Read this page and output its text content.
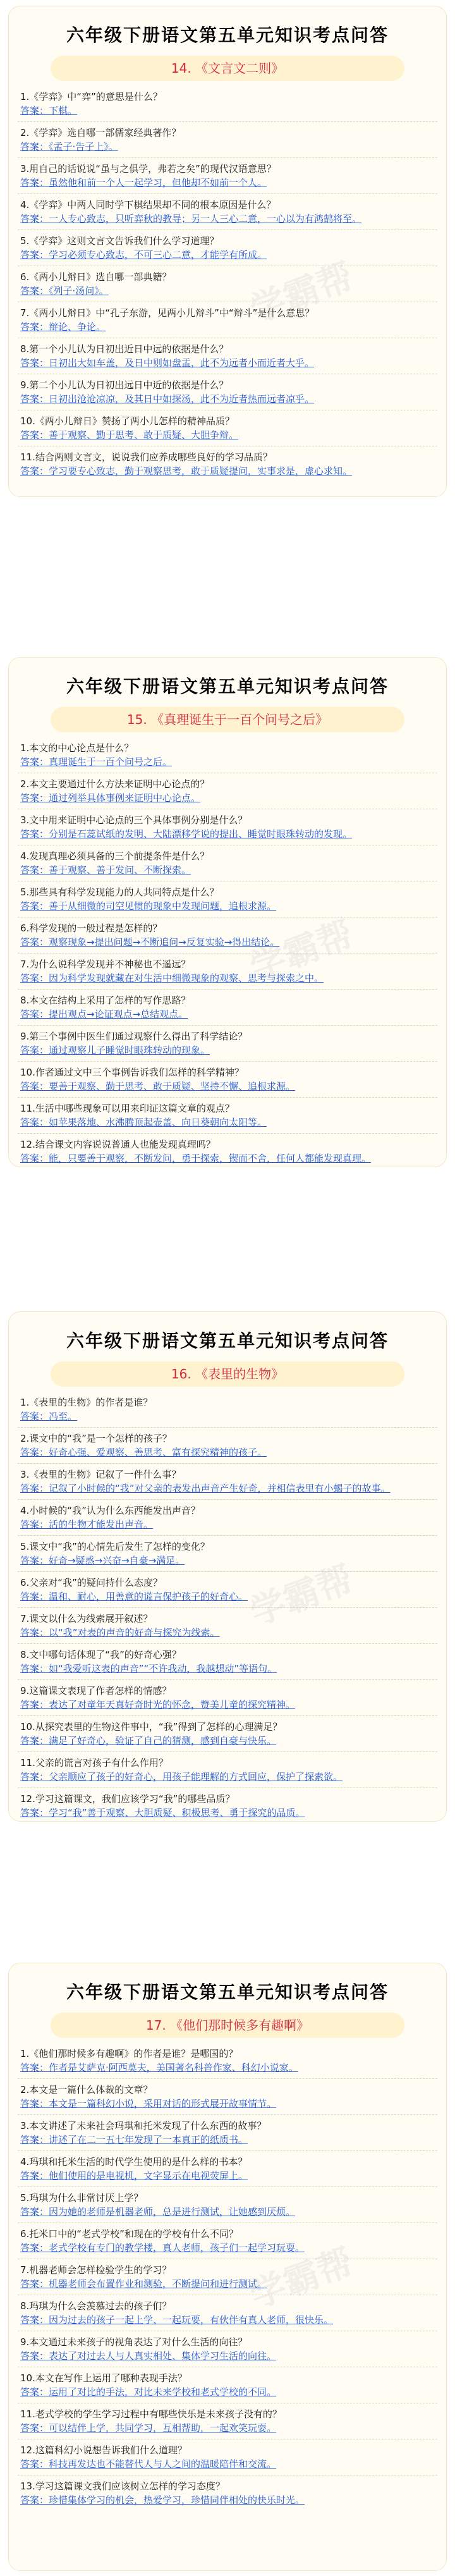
六年级下册语文第五单元知识考点问答
14. 《文言文二则》
1.《学弈》中“弈”的意思是什么？
答案：下棋。
2.《学弈》选自哪一部儒家经典著作？
答案：《孟子·告子上》。
3.用自己的话说说“虽与之俱学，弗若之矣”的现代汉语意思？
答案：虽然他和前一个人一起学习，但他却不如前一个人。
4.《学弈》中两人同时学下棋结果却不同的根本原因是什么？
答案：一人专心致志，只听弈秋的教导；另一人三心二意，一心以为有鸿鹄将至。
5.《学弈》这则文言文告诉我们什么学习道理？
答案：学习必须专心致志，不可三心二意，才能学有所成。
6.《两小儿辩日》选自哪一部典籍？
答案：《列子·汤问》。
7.《两小儿辩日》中“孔子东游，见两小儿辩斗”中“辩斗”是什么意思？
答案：辩论、争论。
8.第一个小儿认为日初出近日中远的依据是什么？
答案：日初出大如车盖，及日中则如盘盂，此不为远者小而近者大乎。
9.第二个小儿认为日初出远日中近的依据是什么？
答案：日初出沧沧凉凉，及其日中如探汤，此不为近者热而远者凉乎。
10.《两小儿辩日》赞扬了两小儿怎样的精神品质？
答案：善于观察、勤于思考、敢于质疑、大胆争辩。
11.结合两则文言文，说说我们应养成哪些良好的学习品质？
答案：学习要专心致志，勤于观察思考，敢于质疑提问，实事求是，虚心求知。
学霸帮
六年级下册语文第五单元知识考点问答
15. 《真理诞生于一百个问号之后》
1.本文的中心论点是什么？
答案：真理诞生于一百个问号之后。
2.本文主要通过什么方法来证明中心论点的？
答案：通过列举具体事例来证明中心论点。
3.文中用来证明中心论点的三个具体事例分别是什么？
答案：分别是石蕊试纸的发明、大陆漂移学说的提出、睡觉时眼珠转动的发现。
4.发现真理必须具备的三个前提条件是什么？
答案：善于观察、善于发问、不断探索。
5.那些具有科学发现能力的人共同特点是什么？
答案：善于从细微的司空见惯的现象中发现问题，追根求源。
6.科学发现的一般过程是怎样的？
答案：观察现象→提出问题→不断追问→反复实验→得出结论。
7.为什么说科学发现并不神秘也不遥远？
答案：因为科学发现就藏在对生活中细微现象的观察、思考与探索之中。
8.本文在结构上采用了怎样的写作思路？
答案：提出观点→论证观点→总结观点。
9.第三个事例中医生们通过观察什么得出了科学结论？
答案：通过观察儿子睡觉时眼珠转动的现象。
10.作者通过文中三个事例告诉我们怎样的科学精神？
答案：要善于观察、勤于思考、敢于质疑、坚持不懈、追根求源。
11.生活中哪些现象可以用来印证这篇文章的观点？
答案：如苹果落地、水沸腾顶起壶盖、向日葵朝向太阳等。
12.结合课文内容说说普通人也能发现真理吗？
答案：能，只要善于观察，不断发问，勇于探索，锲而不舍，任何人都能发现真理。
学霸帮
六年级下册语文第五单元知识考点问答
16. 《表里的生物》
1.《表里的生物》的作者是谁？
答案：冯至。
2.课文中的“我”是一个怎样的孩子？
答案：好奇心强、爱观察、善思考、富有探究精神的孩子。
3.《表里的生物》记叙了一件什么事？
答案：记叙了小时候的“我”对父亲的表发出声音产生好奇，并相信表里有小蝎子的故事。
4.小时候的“我”认为什么东西能发出声音？
答案：活的生物才能发出声音。
5.课文中“我”的心情先后发生了怎样的变化？
答案：好奇→疑惑→兴奋→自豪→满足。
6.父亲对“我”的疑问持什么态度？
答案：温和、耐心，用善意的谎言保护孩子的好奇心。
7.课文以什么为线索展开叙述？
答案：以“我”对表的声音的好奇与探究为线索。
8.文中哪句话体现了“我”的好奇心强？
答案：如“我爱听这表的声音”“不许我动，我越想动”等语句。
9.这篇课文表现了作者怎样的情感？
答案：表达了对童年天真好奇时光的怀念，赞美儿童的探究精神。
10.从探究表里的生物这件事中，“我”得到了怎样的心理满足？
答案：满足了好奇心，验证了自己的猜测，感到自豪与快乐。
11.父亲的谎言对孩子有什么作用？
答案：父亲顺应了孩子的好奇心，用孩子能理解的方式回应，保护了探索欲。
12.学习这篇课文，我们应该学习“我”的哪些品质？
答案：学习“我”善于观察、大胆质疑、积极思考、勇于探究的品质。
学霸帮
六年级下册语文第五单元知识考点问答
17. 《他们那时候多有趣啊》
1.《他们那时候多有趣啊》的作者是谁？是哪国的？
答案：作者是艾萨克·阿西莫夫，美国著名科普作家、科幻小说家。
2.本文是一篇什么体裁的文章？
答案：本文是一篇科幻小说，采用对话的形式展开故事情节。
3.本文讲述了未来社会玛琪和托米发现了什么东西的故事？
答案：讲述了在二一五七年发现了一本真正的纸质书。
4.玛琪和托米生活的时代学生使用的是什么样的书本？
答案：他们使用的是电视机，文字显示在电视荧屏上。
5.玛琪为什么非常讨厌上学？
答案：因为她的老师是机器老师，总是进行测试，让她感到厌烦。
6.托米口中的“老式学校”和现在的学校有什么不同？
答案：老式学校有专门的教学楼，真人老师，孩子们一起学习玩耍。
7.机器老师会怎样检验学生的学习？
答案：机器老师会布置作业和测验，不断提问和进行测试。
8.玛琪为什么会羡慕过去的孩子们？
答案：因为过去的孩子一起上学、一起玩要，有伙伴有真人老师，很快乐。
9.本文通过未来孩子的视角表达了对什么生活的向往？
答案：表达了对过去人与人真实相处、集体学习生活的向往。
10.本文在写作上运用了哪种表现手法？
答案：运用了对比的手法，对比未来学校和老式学校的不同。
11.老式学校的学生学习过程中有哪些快乐是未来孩子没有的？
答案：可以结伴上学，共同学习，互相帮助，一起欢笑玩耍。
12.这篇科幻小说想告诉我们什么道理？
答案：科技再发达也不能替代人与人之间的温暖陪伴和交流。
13.学习这篇课文我们应该树立怎样的学习态度？
答案：珍惜集体学习的机会，热爱学习，珍惜同伴相处的快乐时光。
学霸帮
